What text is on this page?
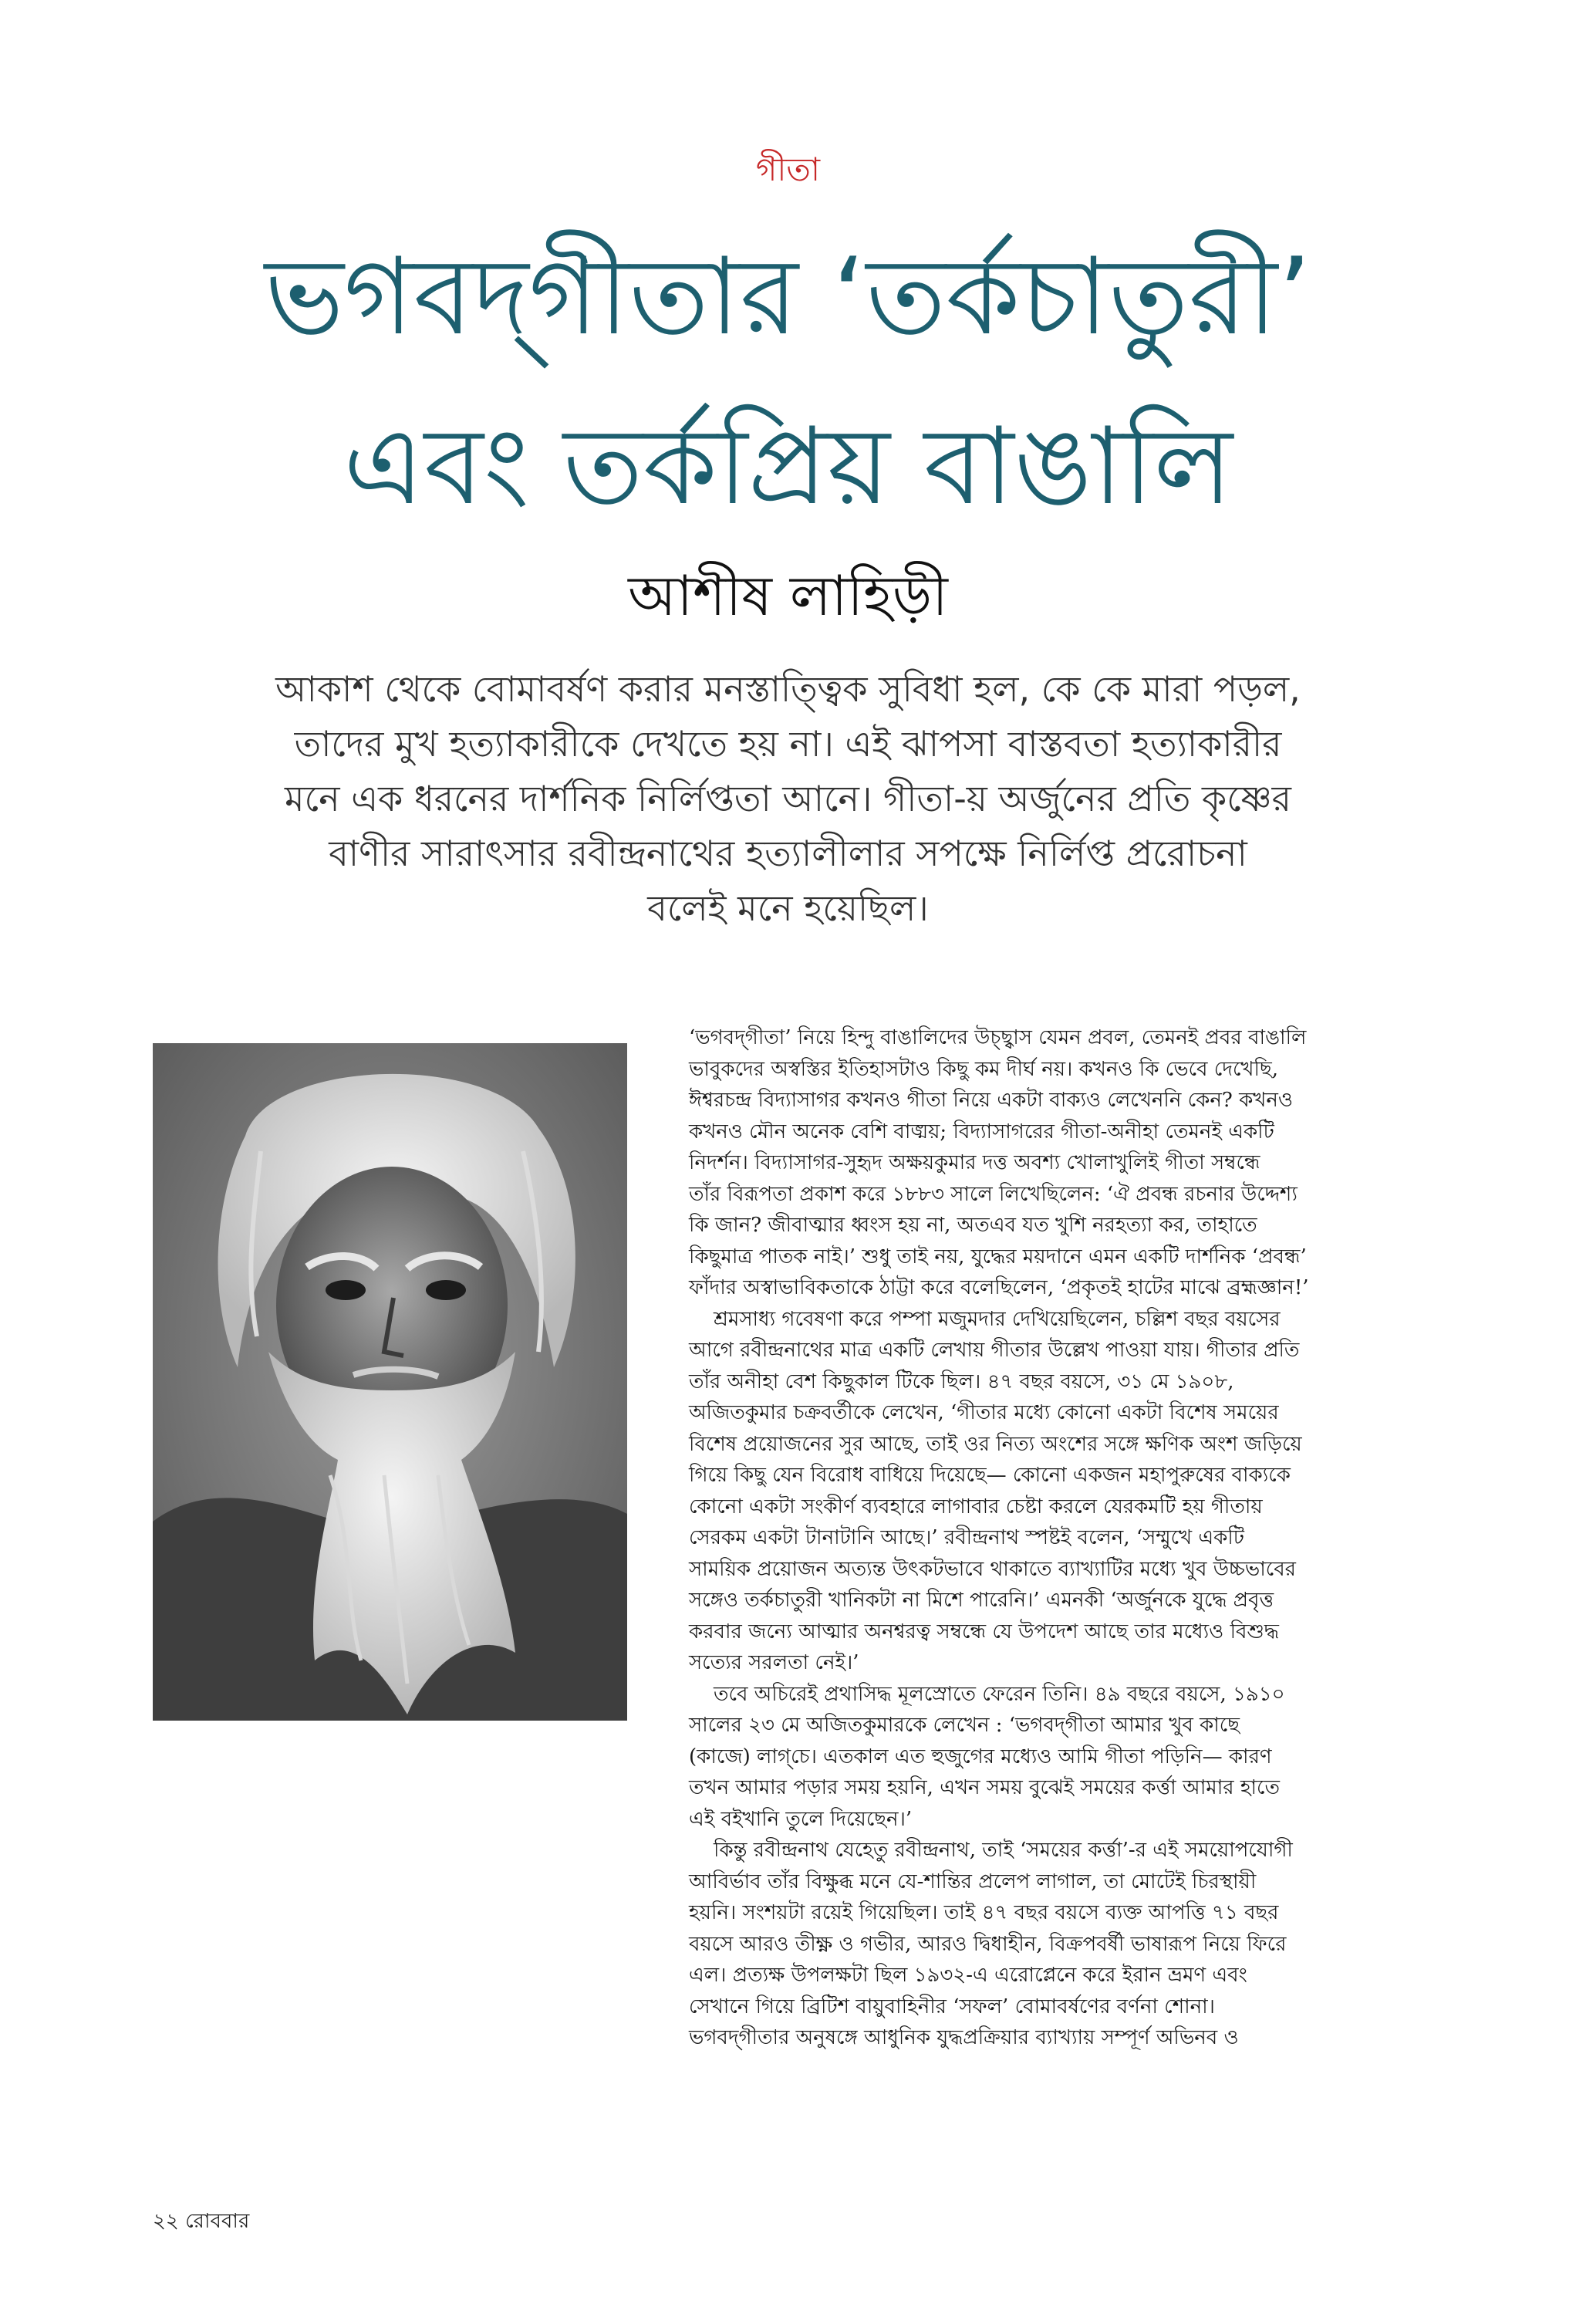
গীতা
ভগবদ্‌গীতার ‘তর্কচাতুরী’
এবং তর্কপ্রিয় বাঙালি
আশীষ লাহিড়ী
আকাশ থেকে বোমাবর্ষণ করার মনস্তাত্ত্বিক সুবিধা হল, কে কে মারা পড়ল,
তাদের মুখ হত্যাকারীকে দেখতে হয় না। এই ঝাপসা বাস্তবতা হত্যাকারীর
মনে এক ধরনের দার্শনিক নির্লিপ্ততা আনে। গীতা-য় অর্জুনের প্রতি কৃষ্ণের
বাণীর সারাৎসার রবীন্দ্রনাথের হত্যালীলার সপক্ষে নির্লিপ্ত প্ররোচনা
বলেই মনে হয়েছিল।
‘ভগবদ্‌গীতা’ নিয়ে হিন্দু বাঙালিদের উচ্ছ্বাস যেমন প্রবল, তেমনই প্রবর বাঙালি
ভাবুকদের অস্বস্তির ইতিহাসটাও কিছু কম দীর্ঘ নয়। কখনও কি ভেবে দেখেছি,
ঈশ্বরচন্দ্র বিদ্যাসাগর কখনও গীতা নিয়ে একটা বাক্যও লেখেননি কেন? কখনও
কখনও মৌন অনেক বেশি বাঙ্ময়; বিদ্যাসাগরের গীতা-অনীহা তেমনই একটি
নিদর্শন। বিদ্যাসাগর-সুহৃদ অক্ষয়কুমার দত্ত অবশ্য খোলাখুলিই গীতা সম্বন্ধে
তাঁর বিরূপতা প্রকাশ করে ১৮৮৩ সালে লিখেছিলেন: ‘ঐ প্রবন্ধ রচনার উদ্দেশ্য
কি জান? জীবাত্মার ধ্বংস হয় না, অতএব যত খুশি নরহত্যা কর, তাহাতে
কিছুমাত্র পাতক নাই।’ শুধু তাই নয়, যুদ্ধের ময়দানে এমন একটি দার্শনিক ‘প্রবন্ধ’
ফাঁদার অস্বাভাবিকতাকে ঠাট্টা করে বলেছিলেন, ‘প্রকৃতই হাটের মাঝে ব্রহ্মজ্ঞান!’
শ্রমসাধ্য গবেষণা করে পম্পা মজুমদার দেখিয়েছিলেন, চল্লিশ বছর বয়সের
আগে রবীন্দ্রনাথের মাত্র একটি লেখায় গীতার উল্লেখ পাওয়া যায়। গীতার প্রতি
তাঁর অনীহা বেশ কিছুকাল টিকে ছিল। ৪৭ বছর বয়সে, ৩১ মে ১৯০৮,
অজিতকুমার চক্রবর্তীকে লেখেন, ‘গীতার মধ্যে কোনো একটা বিশেষ সময়ের
বিশেষ প্রয়োজনের সুর আছে, তাই ওর নিত্য অংশের সঙ্গে ক্ষণিক অংশ জড়িয়ে
গিয়ে কিছু যেন বিরোধ বাধিয়ে দিয়েছে— কোনো একজন মহাপুরুষের বাক্যকে
কোনো একটা সংকীর্ণ ব্যবহারে লাগাবার চেষ্টা করলে যেরকমটি হয় গীতায়
সেরকম একটা টানাটানি আছে।’ রবীন্দ্রনাথ স্পষ্টই বলেন, ‘সম্মুখে একটি
সাময়িক প্রয়োজন অত্যন্ত উৎকটভাবে থাকাতে ব্যাখ্যাটির মধ্যে খুব উচ্চভাবের
সঙ্গেও তর্কচাতুরী খানিকটা না মিশে পারেনি।’ এমনকী ‘অর্জুনকে যুদ্ধে প্রবৃত্ত
করবার জন্যে আত্মার অনশ্বরত্ব সম্বন্ধে যে উপদেশ আছে তার মধ্যেও বিশুদ্ধ
সত্যের সরলতা নেই।’
তবে অচিরেই প্রথাসিদ্ধ মূলস্রোতে ফেরেন তিনি। ৪৯ বছরে বয়সে, ১৯১০
সালের ২৩ মে অজিতকুমারকে লেখেন : ‘ভগবদ্‌গীতা আমার খুব কাছে
(কাজে) লাগ্‌চে। এতকাল এত হুজুগের মধ্যেও আমি গীতা পড়িনি— কারণ
তখন আমার পড়ার সময় হয়নি, এখন সময় বুঝেই সময়ের কর্ত্তা আমার হাতে
এই বইখানি তুলে দিয়েছেন।’
কিন্তু রবীন্দ্রনাথ যেহেতু রবীন্দ্রনাথ, তাই ‘সময়ের কর্ত্তা’-র এই সময়োপযোগী
আবির্ভাব তাঁর বিক্ষুব্ধ মনে যে-শান্তির প্রলেপ লাগাল, তা মোটেই চিরস্থায়ী
হয়নি। সংশয়টা রয়েই গিয়েছিল। তাই ৪৭ বছর বয়সে ব্যক্ত আপত্তি ৭১ বছর
বয়সে আরও তীক্ষ্ণ ও গভীর, আরও দ্বিধাহীন, বিক্রপবর্ষী ভাষারূপ নিয়ে ফিরে
এল। প্রত্যক্ষ উপলক্ষটা ছিল ১৯৩২-এ এরোপ্লেনে করে ইরান ভ্রমণ এবং
সেখানে গিয়ে ব্রিটিশ বায়ুবাহিনীর ‘সফল’ বোমাবর্ষণের বর্ণনা শোনা।
ভগবদ্‌গীতার অনুষঙ্গে আধুনিক যুদ্ধপ্রক্রিয়ার ব্যাখ্যায় সম্পূর্ণ অভিনব ও
২২ রোববার
